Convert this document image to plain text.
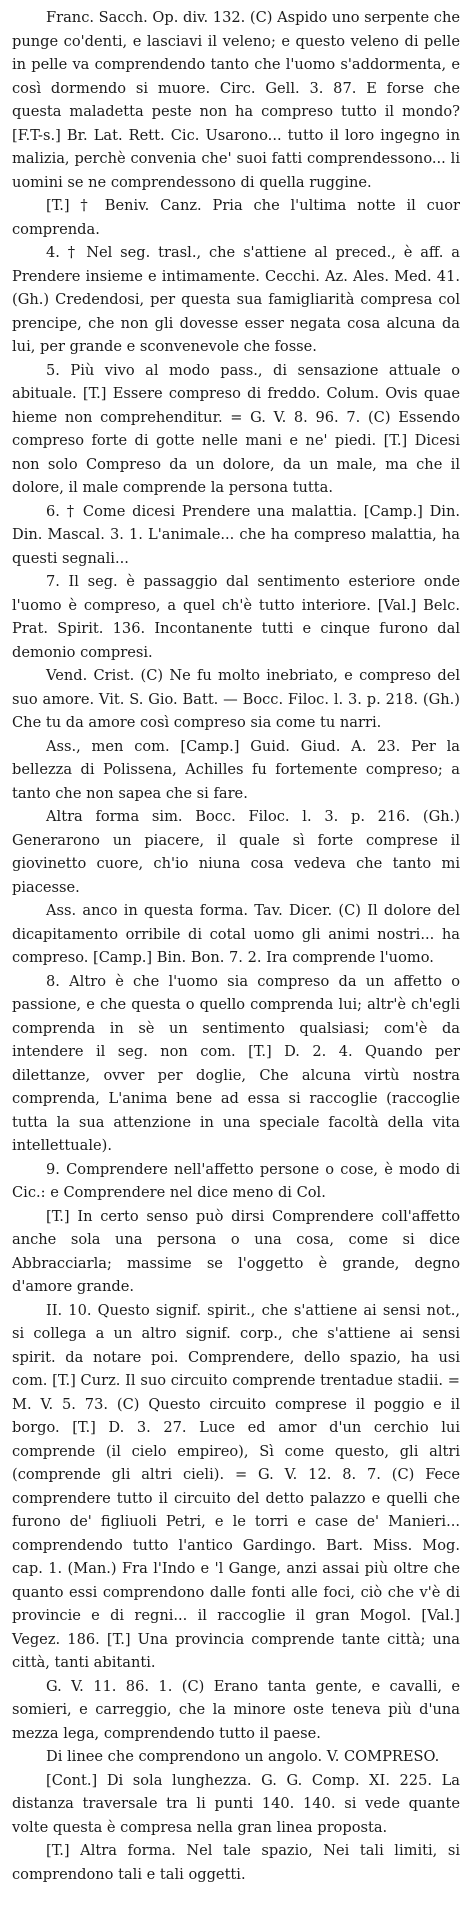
Franc. Sacch. Op. div. 132. (C) Aspido uno serpente che punge co'denti, e lasciavi il veleno; e questo veleno di pelle in pelle va comprendendo tanto che l'uomo s'addormenta, e così dormendo si muore. Circ. Gell. 3. 87. E forse che questa maladetta peste non ha compreso tutto il mondo? [F.T-s.] Br. Lat. Rett. Cic. Usarono... tutto il loro ingegno in malizia, perchè convenia che' suoi fatti comprendessono... li uomini se ne comprendessono di quella ruggine.

[T.] † Beniv. Canz. Pria che l'ultima notte il cuor comprenda.

4. † Nel seg. trasl., che s'attiene al preced., è aff. a Prendere insieme e intimamente. Cecchi. Az. Ales. Med. 41. (Gh.) Credendosi, per questa sua famigliarità compresa col prencipe, che non gli dovesse esser negata cosa alcuna da lui, per grande e sconvenevole che fosse.

5. Più vivo al modo pass., di sensazione attuale o abituale. [T.] Essere compreso di freddo. Colum. Ovis quae hieme non comprehenditur. = G. V. 8. 96. 7. (C) Essendo compreso forte di gotte nelle mani e ne' piedi. [T.] Dicesi non solo Compreso da un dolore, da un male, ma che il dolore, il male comprende la persona tutta.

6. † Come dicesi Prendere una malattia. [Camp.] Din. Din. Mascal. 3. 1. L'animale... che ha compreso malattia, ha questi segnali...

7. Il seg. è passaggio dal sentimento esteriore onde l'uomo è compreso, a quel ch'è tutto interiore. [Val.] Belc. Prat. Spirit. 136. Incontanente tutti e cinque furono dal demonio compresi.

Vend. Crist. (C) Ne fu molto inebriato, e compreso del suo amore. Vit. S. Gio. Batt. — Bocc. Filoc. l. 3. p. 218. (Gh.) Che tu da amore così compreso sia come tu narri.

Ass., men com. [Camp.] Guid. Giud. A. 23. Per la bellezza di Polissena, Achilles fu fortemente compreso; a tanto che non sapea che si fare.

Altra forma sim. Bocc. Filoc. l. 3. p. 216. (Gh.) Generarono un piacere, il quale sì forte comprese il giovinetto cuore, ch'io niuna cosa vedeva che tanto mi piacesse.

Ass. anco in questa forma. Tav. Dicer. (C) Il dolore del dicapitamento orribile di cotal uomo gli animi nostri... ha compreso. [Camp.] Bin. Bon. 7. 2. Ira comprende l'uomo.

8. Altro è che l'uomo sia compreso da un affetto o passione, e che questa o quello comprenda lui; altr'è ch'egli comprenda in sè un sentimento qualsiasi; com'è da intendere il seg. non com. [T.] D. 2. 4. Quando per dilettanze, ovver per doglie, Che alcuna virtù nostra comprenda, L'anima bene ad essa si raccoglie (raccoglie tutta la sua attenzione in una speciale facoltà della vita intellettuale).

9. Comprendere nell'affetto persone o cose, è modo di Cic.: e Comprendere nel dice meno di Col.

[T.] In certo senso può dirsi Comprendere coll'affetto anche sola una persona o una cosa, come si dice Abbracciarla; massime se l'oggetto è grande, degno d'amore grande.

II. 10. Questo signif. spirit., che s'attiene ai sensi not., si collega a un altro signif. corp., che s'attiene ai sensi spirit. da notare poi. Comprendere, dello spazio, ha usi com. [T.] Curz. Il suo circuito comprende trentadue stadii. = M. V. 5. 73. (C) Questo circuito comprese il poggio e il borgo. [T.] D. 3. 27. Luce ed amor d'un cerchio lui comprende (il cielo empireo), Sì come questo, gli altri (comprende gli altri cieli). = G. V. 12. 8. 7. (C) Fece comprendere tutto il circuito del detto palazzo e quelli che furono de' figliuoli Petri, e le torri e case de' Manieri... comprendendo tutto l'antico Gardingo. Bart. Miss. Mog. cap. 1. (Man.) Fra l'Indo e 'l Gange, anzi assai più oltre che quanto essi comprendono dalle fonti alle foci, ciò che v'è di provincie e di regni... il raccoglie il gran Mogol. [Val.] Vegez. 186. [T.] Una provincia comprende tante città; una città, tanti abitanti.

G. V. 11. 86. 1. (C) Erano tanta gente, e cavalli, e somieri, e carreggio, che la minore oste teneva più d'una mezza lega, comprendendo tutto il paese.

Di linee che comprendono un angolo. V. COMPRESO.

[Cont.] Di sola lunghezza. G. G. Comp. XI. 225. La distanza traversale tra li punti 140. 140. si vede quante volte questa è compresa nella gran linea proposta.

[T.] Altra forma. Nel tale spazio, Nei tali limiti, si comprendono tali e tali oggetti.
